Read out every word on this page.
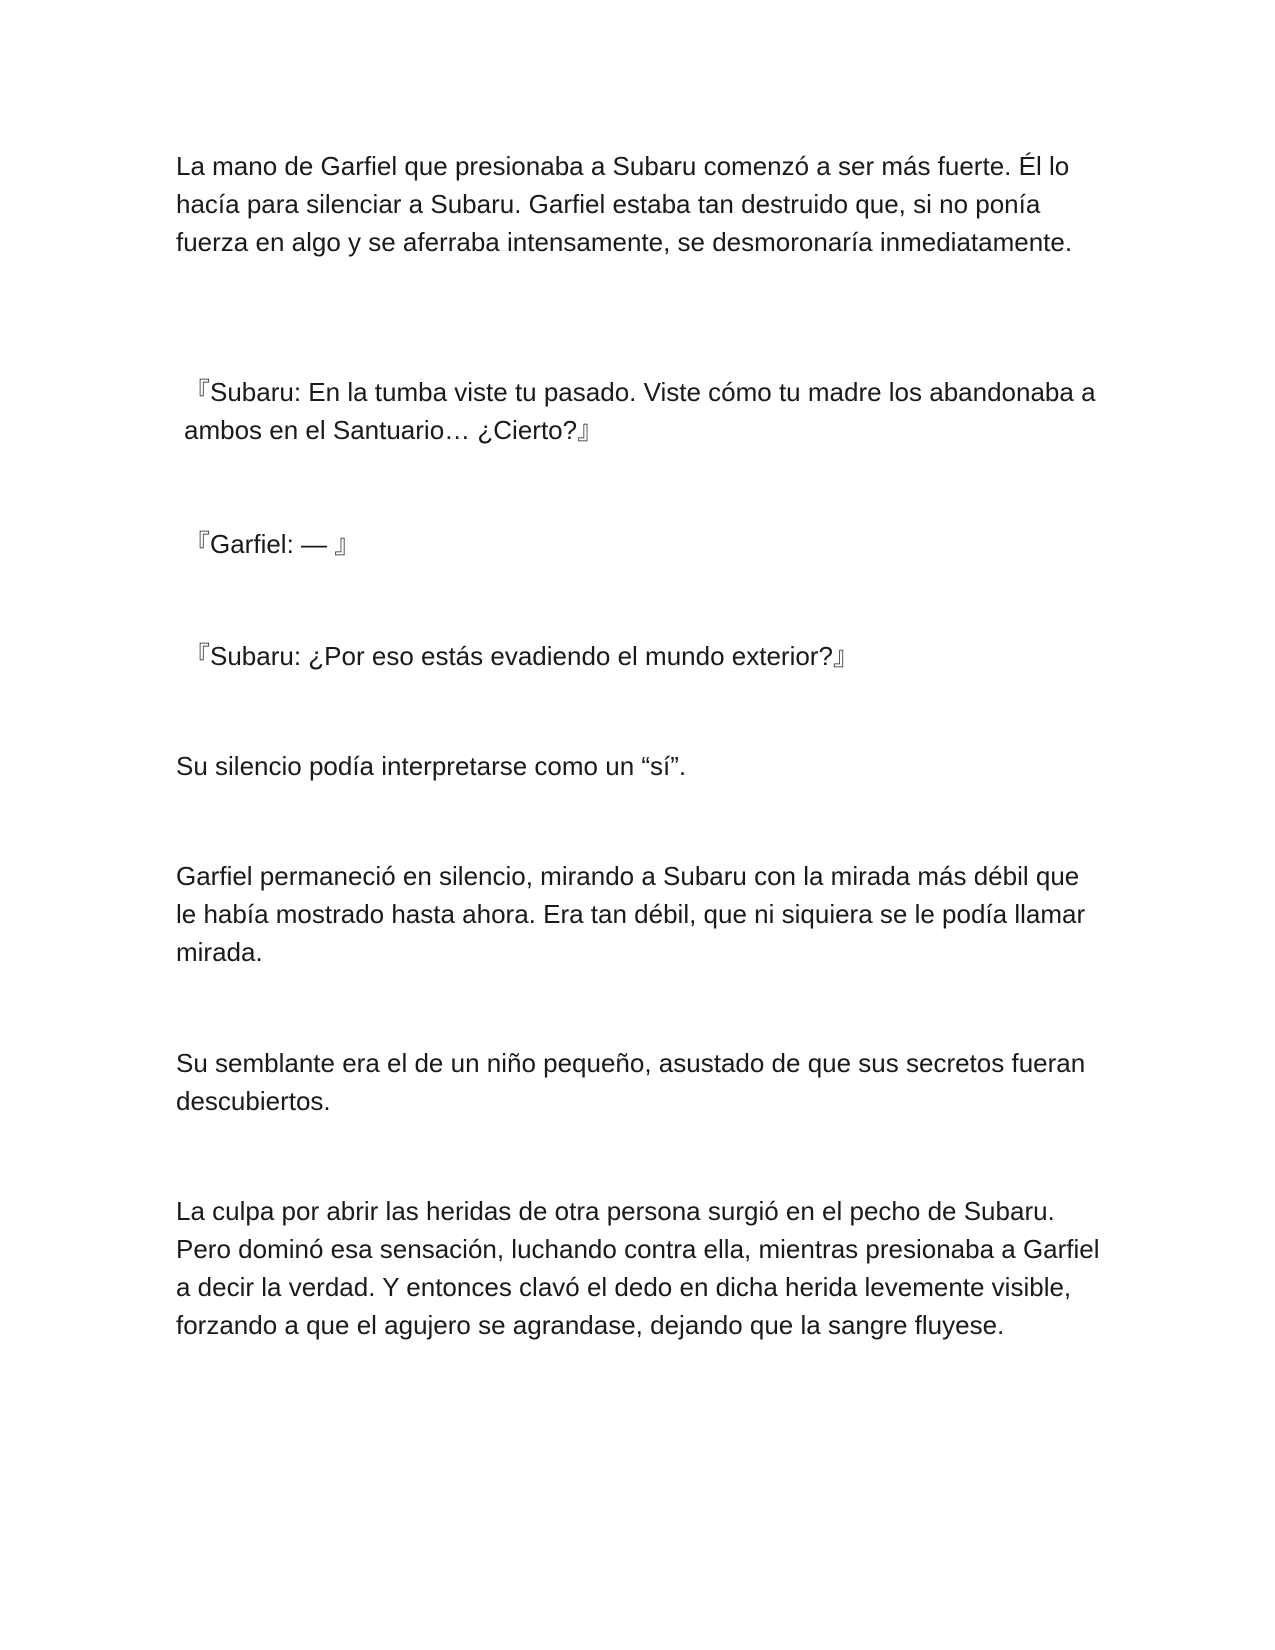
La mano de Garfiel que presionaba a Subaru comenzó a ser más fuerte. Él lo hacía para silenciar a Subaru. Garfiel estaba tan destruido que, si no ponía fuerza en algo y se aferraba intensamente, se desmoronaría inmediatamente.

『Subaru: En la tumba viste tu pasado. Viste cómo tu madre los abandonaba a ambos en el Santuario… ¿Cierto?』

『Garfiel: — 』

『Subaru: ¿Por eso estás evadiendo el mundo exterior?』

Su silencio podía interpretarse como un “sí”.

Garfiel permaneció en silencio, mirando a Subaru con la mirada más débil que le había mostrado hasta ahora. Era tan débil, que ni siquiera se le podía llamar mirada.

Su semblante era el de un niño pequeño, asustado de que sus secretos fueran descubiertos.

La culpa por abrir las heridas de otra persona surgió en el pecho de Subaru. Pero dominó esa sensación, luchando contra ella, mientras presionaba a Garfiel a decir la verdad. Y entonces clavó el dedo en dicha herida levemente visible, forzando a que el agujero se agrandase, dejando que la sangre fluyese.
